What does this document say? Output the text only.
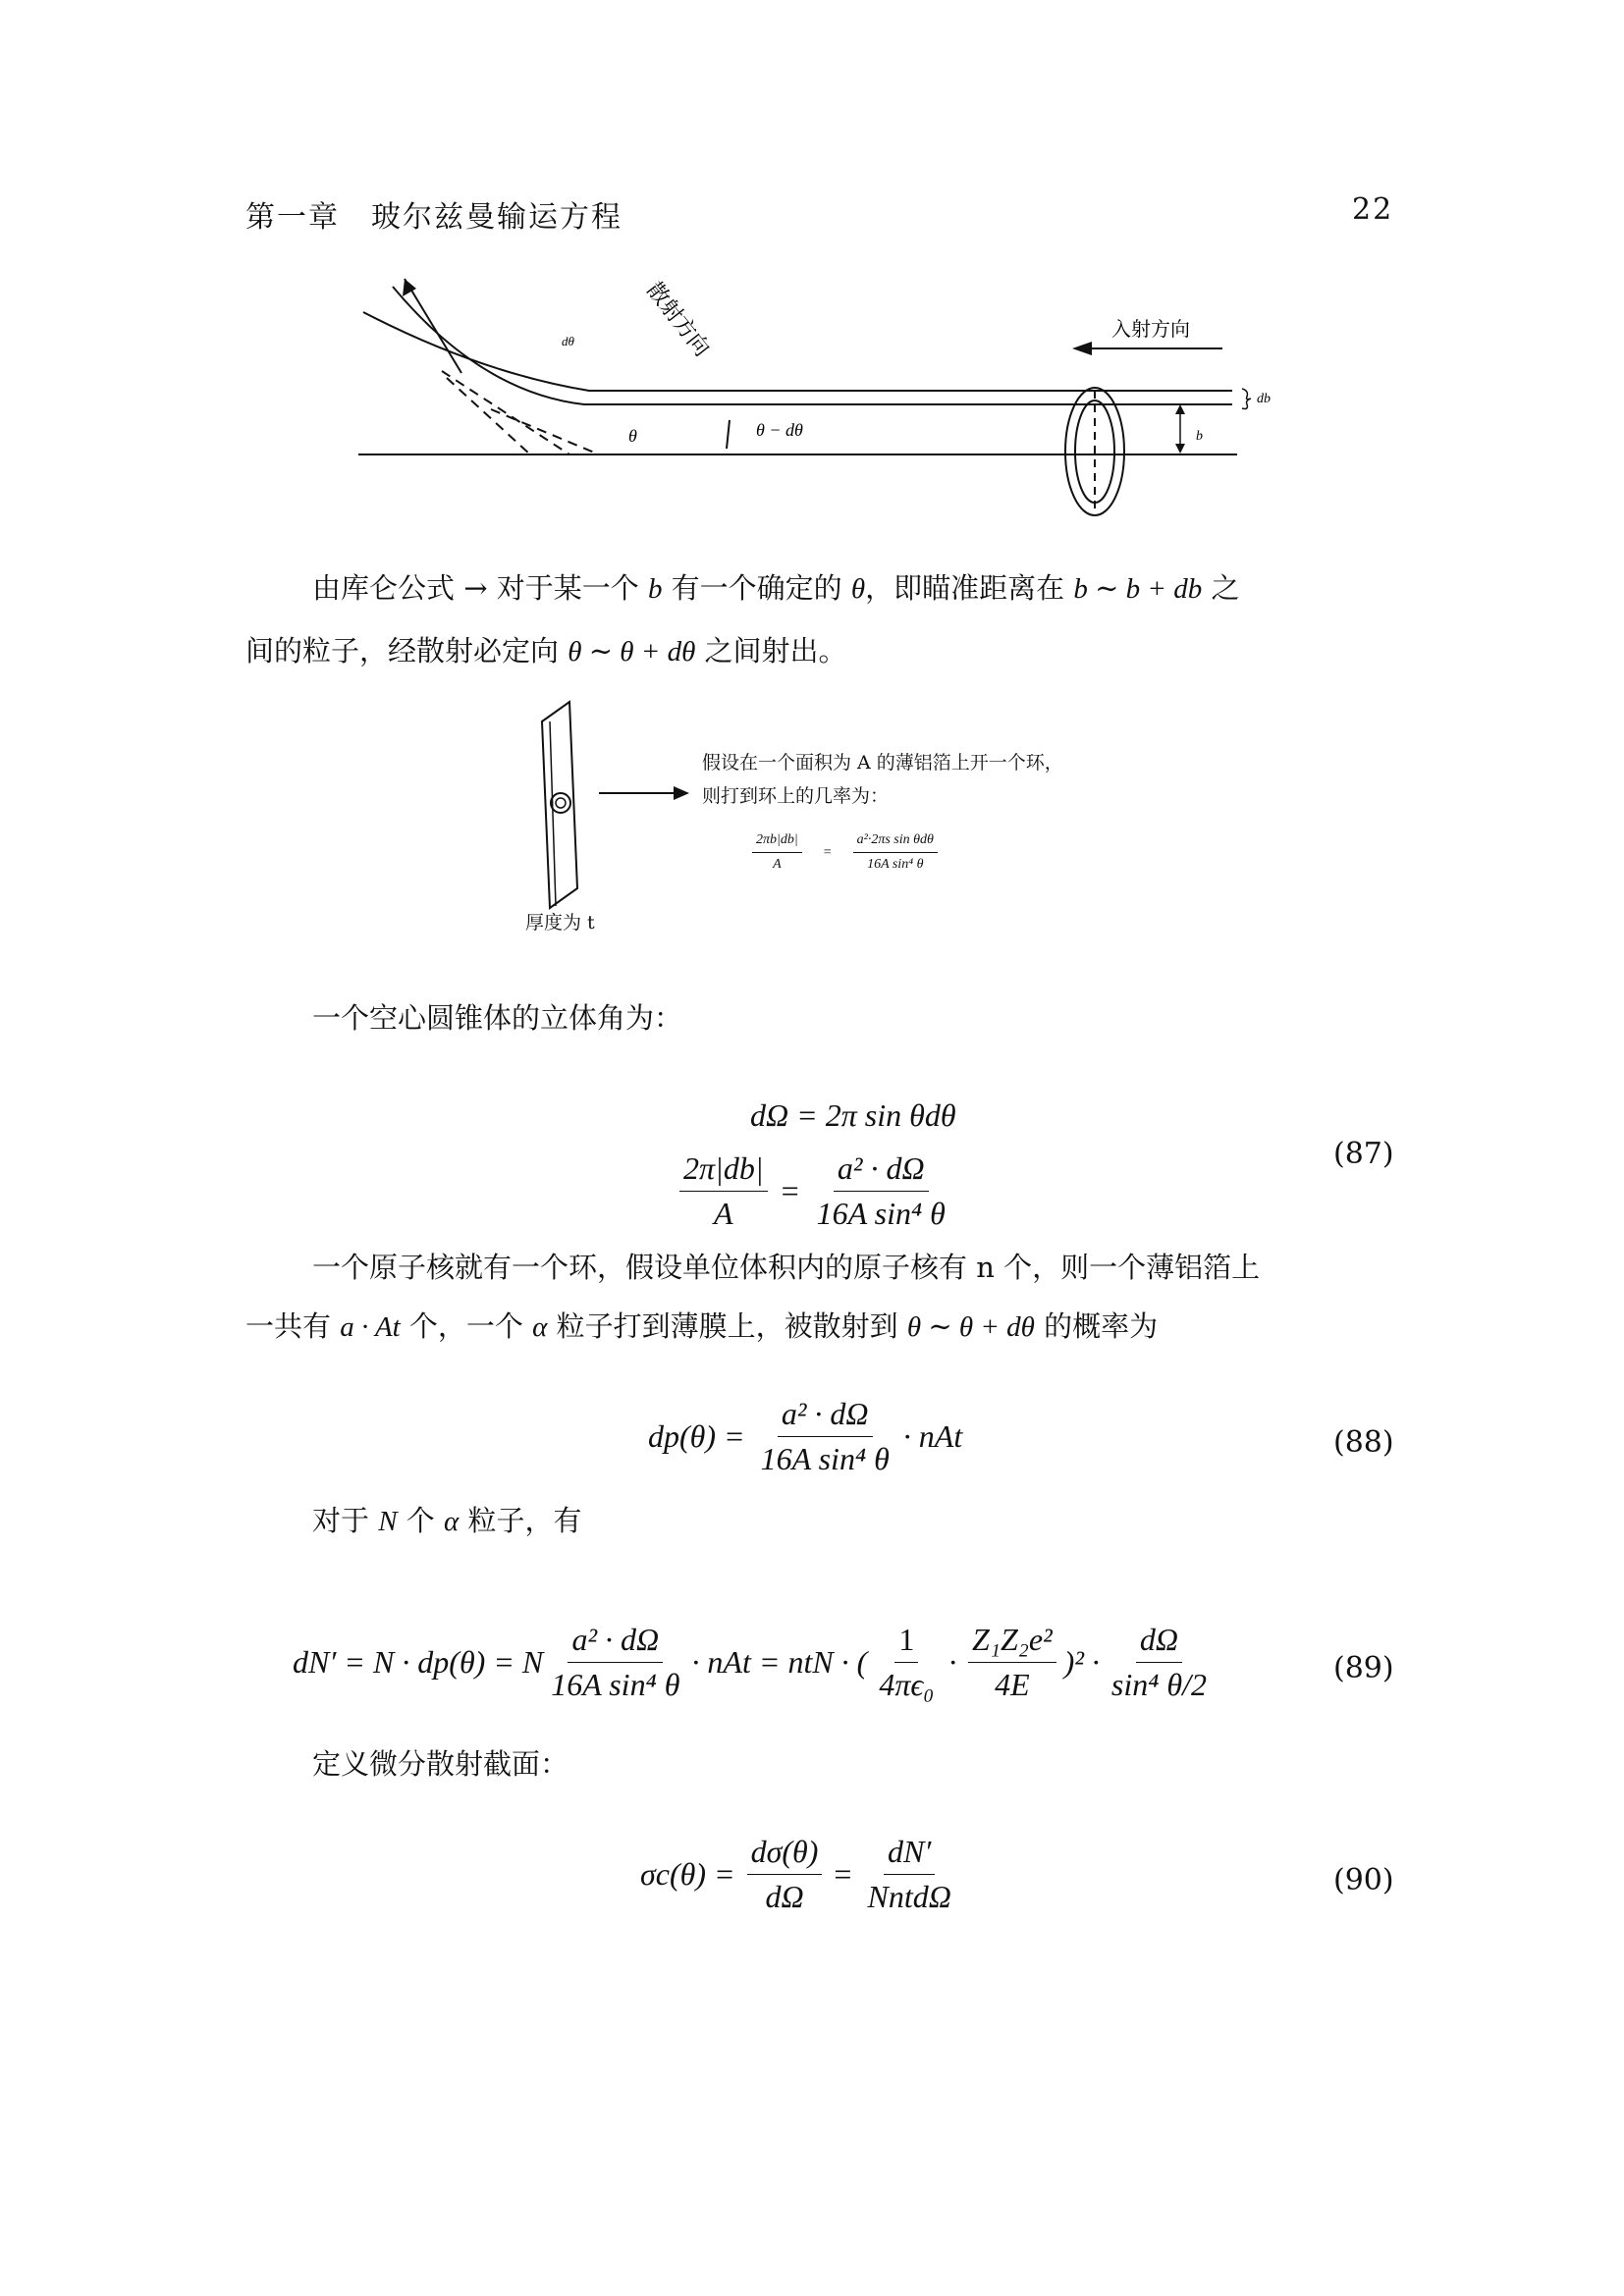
第一章　玻尔兹曼输运方程	22
散射方向	入射方向
dθ
θ	θ − dθ
db
b
由库仑公式 → 对于某一个 b 有一个确定的 θ，即瞄准距离在 b ∼ b + db 之
间的粒子，经散射必定向 θ ∼ θ + dθ 之间射出。
假设在一个面积为 A 的薄铝箔上开一个环，
则打到环上的几率为：
$\frac{2\pi b|db|}{A} = \frac{\text{a²·2πs sin θdθ}}{\text{16A sin⁴ θ}}$
厚度为 t
一个空心圆锥体的立体角为：
dΩ = 2π sin θdθ
$\frac{2\pi|db|}{A} = \frac{\text{a² · dΩ}}{\text{16A sin⁴ θ}}$	(87)
一个原子核就有一个环，假设单位体积内的原子核有 n 个，则一个薄铝箔上
一共有 a · At 个，一个 α 粒子打到薄膜上，被散射到 θ ∼ θ + dθ 的概率为
$dp(\theta) = \frac{\text{a² · dΩ}}{\text{16A sin⁴ θ}}$ · nAt	(88)
对于 N 个 α 粒子，有
dN′ = N · dp(θ) = N $\frac{\text{a² · dΩ}}{\text{16A sin⁴ θ}}$ · nAt = ntN · ( $\frac{1}{\text{4πϵ₀}} \cdot \frac{\text{Z₁Z₂e²}}{4E} )^2 \cdot \frac{d\Omega}{\text{sin⁴ θ/2}}$	(89)
定义微分散射截面：
$\sigma c(\theta) = \frac{d\sigma(\theta)}{d\Omega} = \frac{dN'}{\text{NntdΩ}}$	(90)
